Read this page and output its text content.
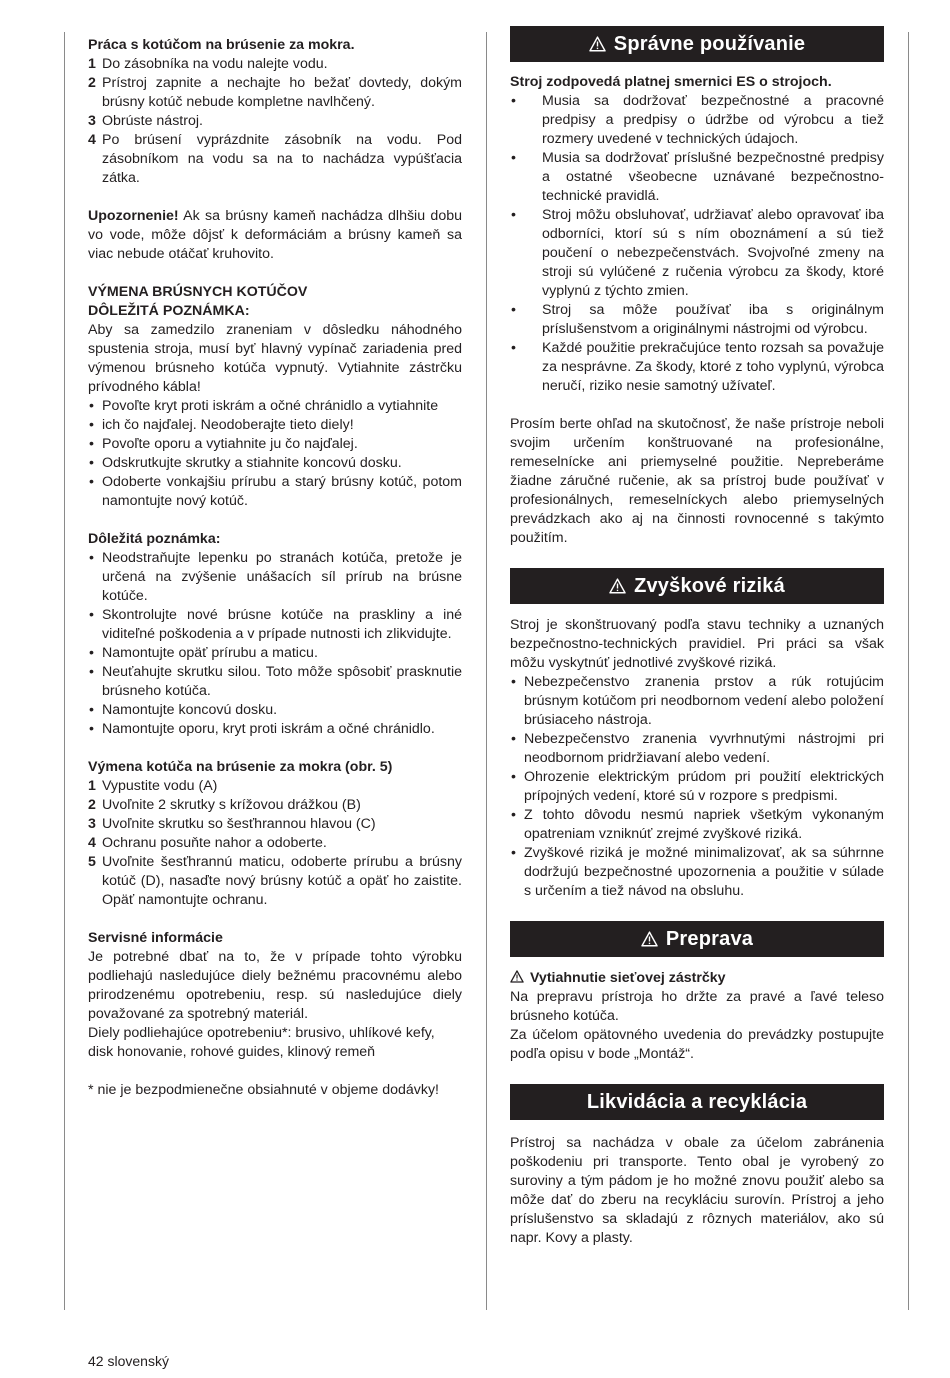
Práca s kotúčom na brúsenie za mokra.

1 Do zásobníka na vodu nalejte vodu.
2 Prístroj zapnite a nechajte ho bežať dovtedy, dokým brúsny kotúč nebude kompletne navlhčený.
3 Obrúste nástroj.
4 Po brúsení vyprázdnite zásobník na vodu. Pod zásobníkom na vodu sa na to nachádza vypúšťacia zátka.

Upozornenie! Ak sa brúsny kameň nachádza dlhšiu dobu vo vode, môže dôjsť k deformáciám a brúsny kameň sa viac nebude otáčať kruhovito.

VÝMENA BRÚSNYCH KOTÚČOV

DÔLEŽITÁ POZNÁMKA:

Aby sa zamedzilo zraneniam v dôsledku náhodného spustenia stroja, musí byť hlavný vypínač zariadenia pred výmenou brúsneho kotúča vypnutý. Vytiahnite zástrčku prívodného kábla!

• Povoľte kryt proti iskrám a očné chránidlo a vytiahnite
• ich čo najďalej. Neodoberajte tieto diely!
• Povoľte oporu a vytiahnite ju čo najďalej.
• Odskrutkujte skrutky a stiahnite koncovú dosku.
• Odoberte vonkajšiu prírubu a starý brúsny kotúč, potom namontujte nový kotúč.

Dôležitá poznámka:

• Neodstraňujte lepenku po stranách kotúča, pretože je určená na zvýšenie unášacích síl prírub na brúsne kotúče.
• Skontrolujte nové brúsne kotúče na praskliny a iné viditeľné poškodenia a v prípade nutnosti ich zlikvidujte.
• Namontujte opäť prírubu a maticu.
• Neuťahujte skrutku silou. Toto môže spôsobiť prasknutie brúsneho kotúča.
• Namontujte koncovú dosku.
• Namontujte oporu, kryt proti iskrám a očné chránidlo.

Výmena kotúča na brúsenie za mokra (obr. 5)

1 Vypustite vodu (A)
2 Uvoľnite 2 skrutky s krížovou drážkou (B)
3 Uvoľnite skrutku so šesťhrannou hlavou (C)
4 Ochranu posuňte nahor a odoberte.
5 Uvoľnite šesťhrannú maticu, odoberte prírubu a brúsny kotúč (D), nasaďte nový brúsny kotúč a opäť ho zaistite. Opäť namontujte ochranu.

Servisné informácie

Je potrebné dbať na to, že v prípade tohto výrobku podliehajú nasledujúce diely bežnému pracovnému alebo prirodzenému opotrebeniu, resp. sú nasledujúce diely považované za spotrebný materiál.

Diely podliehajúce opotrebeniu*: brusivo, uhlíkové kefy, disk honovanie, rohové guides, klinový remeň

* nie je bezpodmienečne obsiahnuté v objeme dodávky!

Správne používanie

Stroj zodpovedá platnej smernici ES o strojoch.

• Musia sa dodržovať bezpečnostné a pracovné predpisy a predpisy o údržbe od výrobcu a tiež rozmery uvedené v technických údajoch.
• Musia sa dodržovať príslušné bezpečnostné predpisy a ostatné všeobecne uznávané bezpečnostno-technické pravidlá.
• Stroj môžu obsluhovať, udržiavať alebo opravovať iba odborníci, ktorí sú s ním oboznámení a sú tiež poučení o nebezpečenstvách. Svojvoľné zmeny na stroji sú vylúčené z ručenia výrobcu za škody, ktoré vyplynú z týchto zmien.
• Stroj sa môže používať iba s originálnym príslušenstvom a originálnymi nástrojmi od výrobcu.
• Každé použitie prekračujúce tento rozsah sa považuje za nesprávne. Za škody, ktoré z toho vyplynú, výrobca neručí, riziko nesie samotný užívateľ.

Prosím berte ohľad na skutočnosť, že naše prístroje neboli svojim určením konštruované na profesionálne, remeselnícke ani priemyselné použitie. Nepreberáme žiadne záručné ručenie, ak sa prístroj bude používať v profesionálnych, remeselníckych alebo priemyselných prevádzkach ako aj na činnosti rovnocenné s takýmto použitím.

Zvyškové riziká

Stroj je skonštruovaný podľa stavu techniky a uznaných bezpečnostno-technických pravidiel. Pri práci sa však môžu vyskytnúť jednotlivé zvyškové riziká.

• Nebezpečenstvo zranenia prstov a rúk rotujúcim brúsnym kotúčom pri neodbornom vedení alebo položení brúsiaceho nástroja.
• Nebezpečenstvo zranenia vyvrhnutými nástrojmi pri neodbornom pridržiavaní alebo vedení.
• Ohrozenie elektrickým prúdom pri použití elektrických prípojných vedení, ktoré sú v rozpore s predpismi.
• Z tohto dôvodu nesmú napriek všetkým vykonaným opatreniam vzniknúť zrejmé zvyškové riziká.
• Zvyškové riziká je možné minimalizovať, ak sa súhrnne dodržujú bezpečnostné upozornenia a použitie v súlade s určením a tiež návod na obsluhu.
Preprava

Vytiahnutie sieťovej zástrčky

Na prepravu prístroja ho držte za pravé a ľavé teleso brúsneho kotúča.

Za účelom opätovného uvedenia do prevádzky postupujte podľa opisu v bode „Montáž“.

Likvidácia a recyklácia

Prístroj sa nachádza v obale za účelom zabránenia poškodeniu pri transporte. Tento obal je vyrobený zo suroviny a tým pádom je ho možné znovu použiť alebo sa môže dať do zberu na recykláciu surovín. Prístroj a jeho príslušenstvo sa skladajú z rôznych materiálov, ako sú napr. Kovy a plasty.

42 slovenský
